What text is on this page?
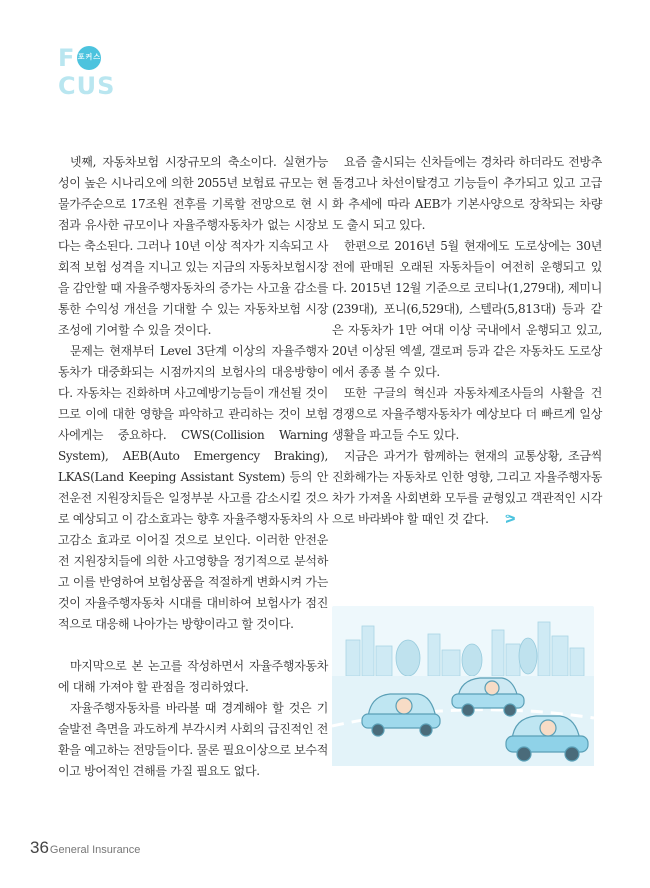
F 포커스
CUS

넷째, 자동차보험 시장규모의 축소이다. 실현가능성이 높은 시나리오에 의한 2055년 보험료 규모는 현물가주순으로 17조원 전후를 기록할 전망으로 현 시점과 유사한 규모이나 자율주행자동차가 없는 시장보다는 축소된다. 그러나 10년 이상 적자가 지속되고 사회적 보험 성격을 지니고 있는 지금의 자동차보험시장을 감안할 때 자율주행자동차의 증가는 사고율 감소를 통한 수익성 개선을 기대할 수 있는 자동차보험 시장 조성에 기여할 수 있을 것이다.

문제는 현재부터 Level 3단계 이상의 자율주행자동차가 대중화되는 시점까지의 보험사의 대응방향이다. 자동차는 진화하며 사고예방기능들이 개선될 것이므로 이에 대한 영향을 파악하고 관리하는 것이 보험사에게는 중요하다. CWS(Collision Warning System), AEB(Auto Emergency Braking), LKAS(Land Keeping Assistant System) 등의 안전운전 지원장치들은 일정부분 사고를 감소시킬 것으로 예상되고 이 감소효과는 향후 자율주행자동차의 사고감소 효과로 이어질 것으로 보인다. 이러한 안전운전 지원장치들에 의한 사고영향을 정기적으로 분석하고 이를 반영하여 보험상품을 적절하게 변화시켜 가는 것이 자율주행자동차 시대를 대비하여 보험사가 점진적으로 대응해 나아가는 방향이라고 할 것이다.

마지막으로 본 논고를 작성하면서 자율주행자동차에 대해 가져야 할 관점을 정리하였다.

자율주행자동차를 바라볼 때 경계해야 할 것은 기술발전 측면을 과도하게 부각시켜 사회의 급진적인 전환을 예고하는 전망들이다. 물론 필요이상으로 보수적이고 방어적인 견해를 가질 필요도 없다.

요즘 출시되는 신차들에는 경차라 하더라도 전방추돌경고나 차선이탈경고 기능들이 추가되고 있고 고급화 추세에 따라 AEB가 기본사양으로 장착되는 차량도 출시 되고 있다.

한편으로 2016년 5월 현재에도 도로상에는 30년 전에 판매된 오래된 자동차들이 여전히 운행되고 있다. 2015년 12월 기준으로 코티나(1,279대), 제미니(239대), 포니(6,529대), 스텔라(5,813대) 등과 같은 자동차가 1만 여대 이상 국내에서 운행되고 있고, 20년 이상된 엑셀, 갤로퍼 등과 같은 자동차도 도로상에서 종종 볼 수 있다.

또한 구글의 혁신과 자동차제조사들의 사활을 건 경쟁으로 자율주행자동차가 예상보다 더 빠르게 일상생활을 파고들 수도 있다.

지금은 과거가 함께하는 현재의 교통상황, 조금씩 진화해가는 자동차로 인한 영향, 그리고 자율주행자동차가 가져올 사회변화 모두를 균형있고 객관적인 시각으로 바라봐야 할 때인 것 같다. ᕗ

36General Insurance
